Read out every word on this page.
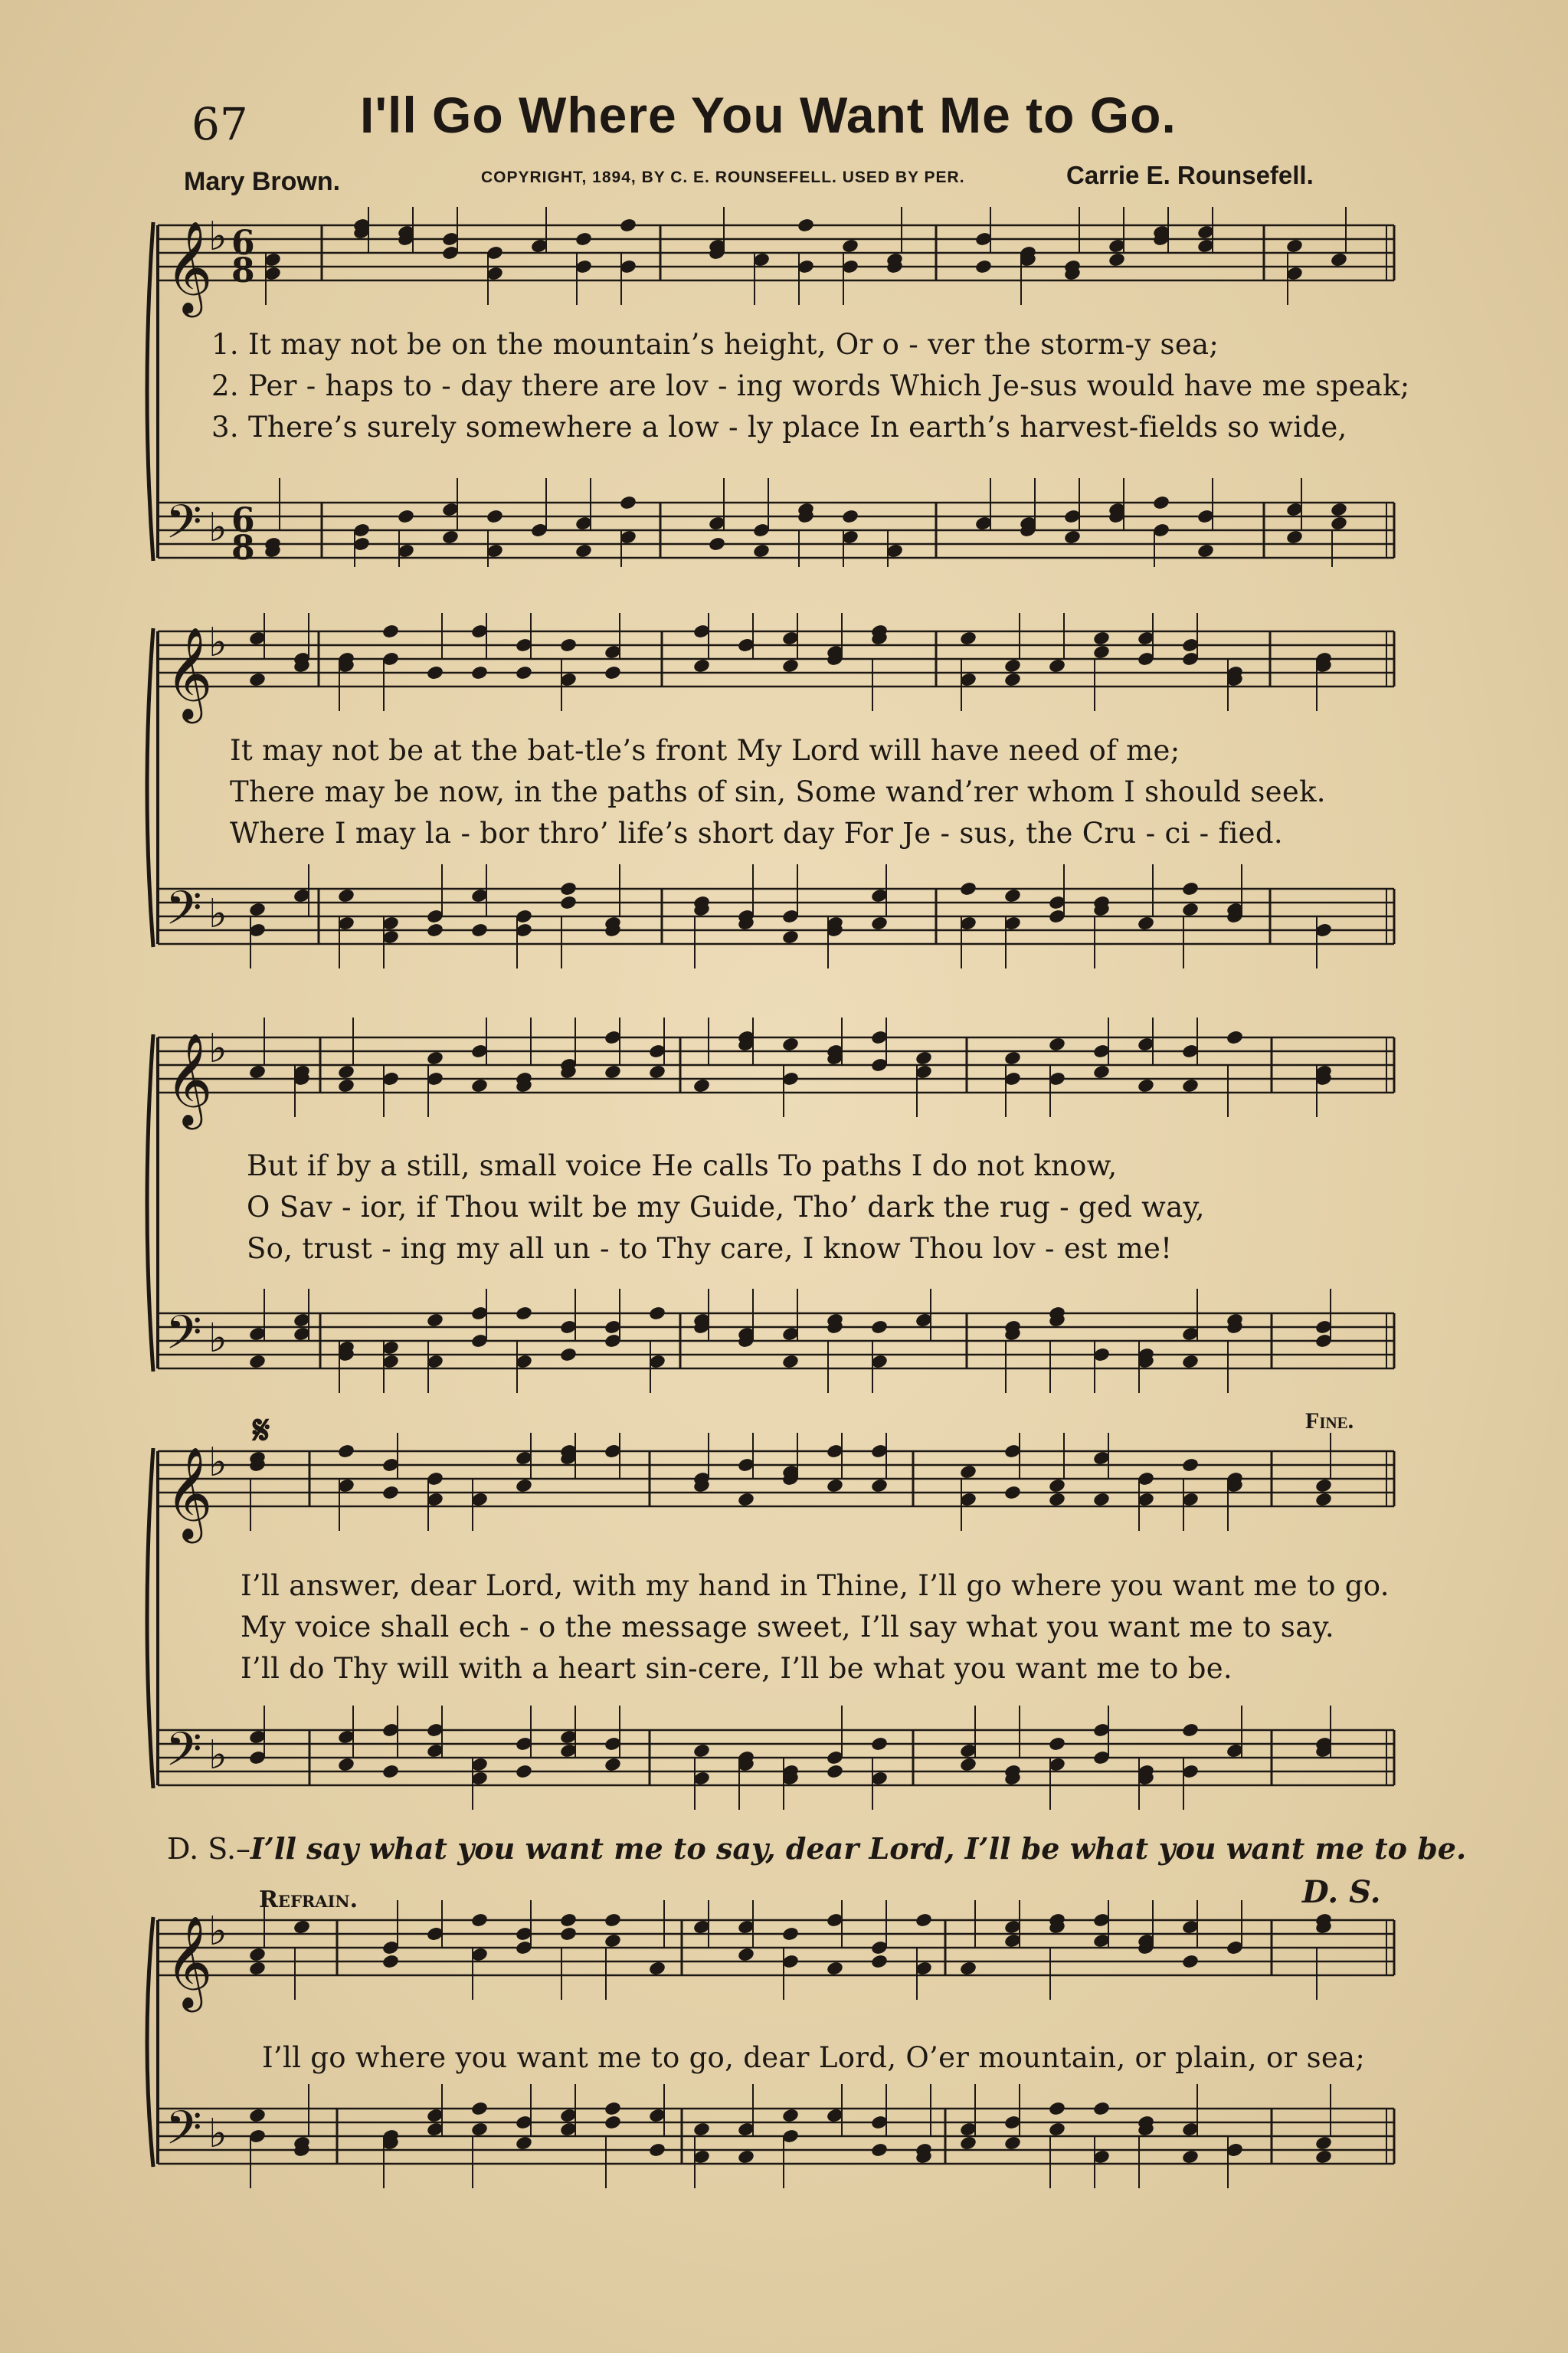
67 I'll Go Where You Want Me to Go.
Mary Brown.	COPYRIGHT, 1894, BY C. E. ROUNSEFELL. USED BY PER.	Carrie E. Rounsefell.
𝄞
♭ 6
8
𝄢 ♭ 6
8
1. It may not be on the mountain’s height, Or o - ver the storm-y sea;
2. Per - haps to - day there are lov - ing words Which Je-sus would have me speak;
3. There’s surely somewhere a low - ly place In earth’s harvest-fields so wide,
𝄞
♭
𝄢 ♭
It may not be at the bat-tle’s front My Lord will have need of me;
There may be now, in the paths of sin, Some wand’rer whom I should seek.
Where I may la - bor thro’ life’s short day For Je - sus, the Cru - ci - fied.
𝄞
♭
𝄢 ♭
But if by a still, small voice He calls To paths I do not know,
O Sav - ior, if Thou wilt be my Guide, Tho’ dark the rug - ged way,
So, trust - ing my all un - to Thy care, I know Thou lov - est me!
𝄋	Fine.
𝄞
♭
𝄢 ♭
I’ll answer, dear Lord, with my hand in Thine, I’ll go where you want me to go.
My voice shall ech - o the message sweet, I’ll say what you want me to say.
I’ll do Thy will with a heart sin-cere, I’ll be what you want me to be.
D. S.–I’ll say what you want me to say, dear Lord, I’ll be what you want me to be.
Refrain.	D. S.
𝄞
♭
𝄢 ♭
I’ll go where you want me to go, dear Lord, O’er mountain, or plain, or sea;
